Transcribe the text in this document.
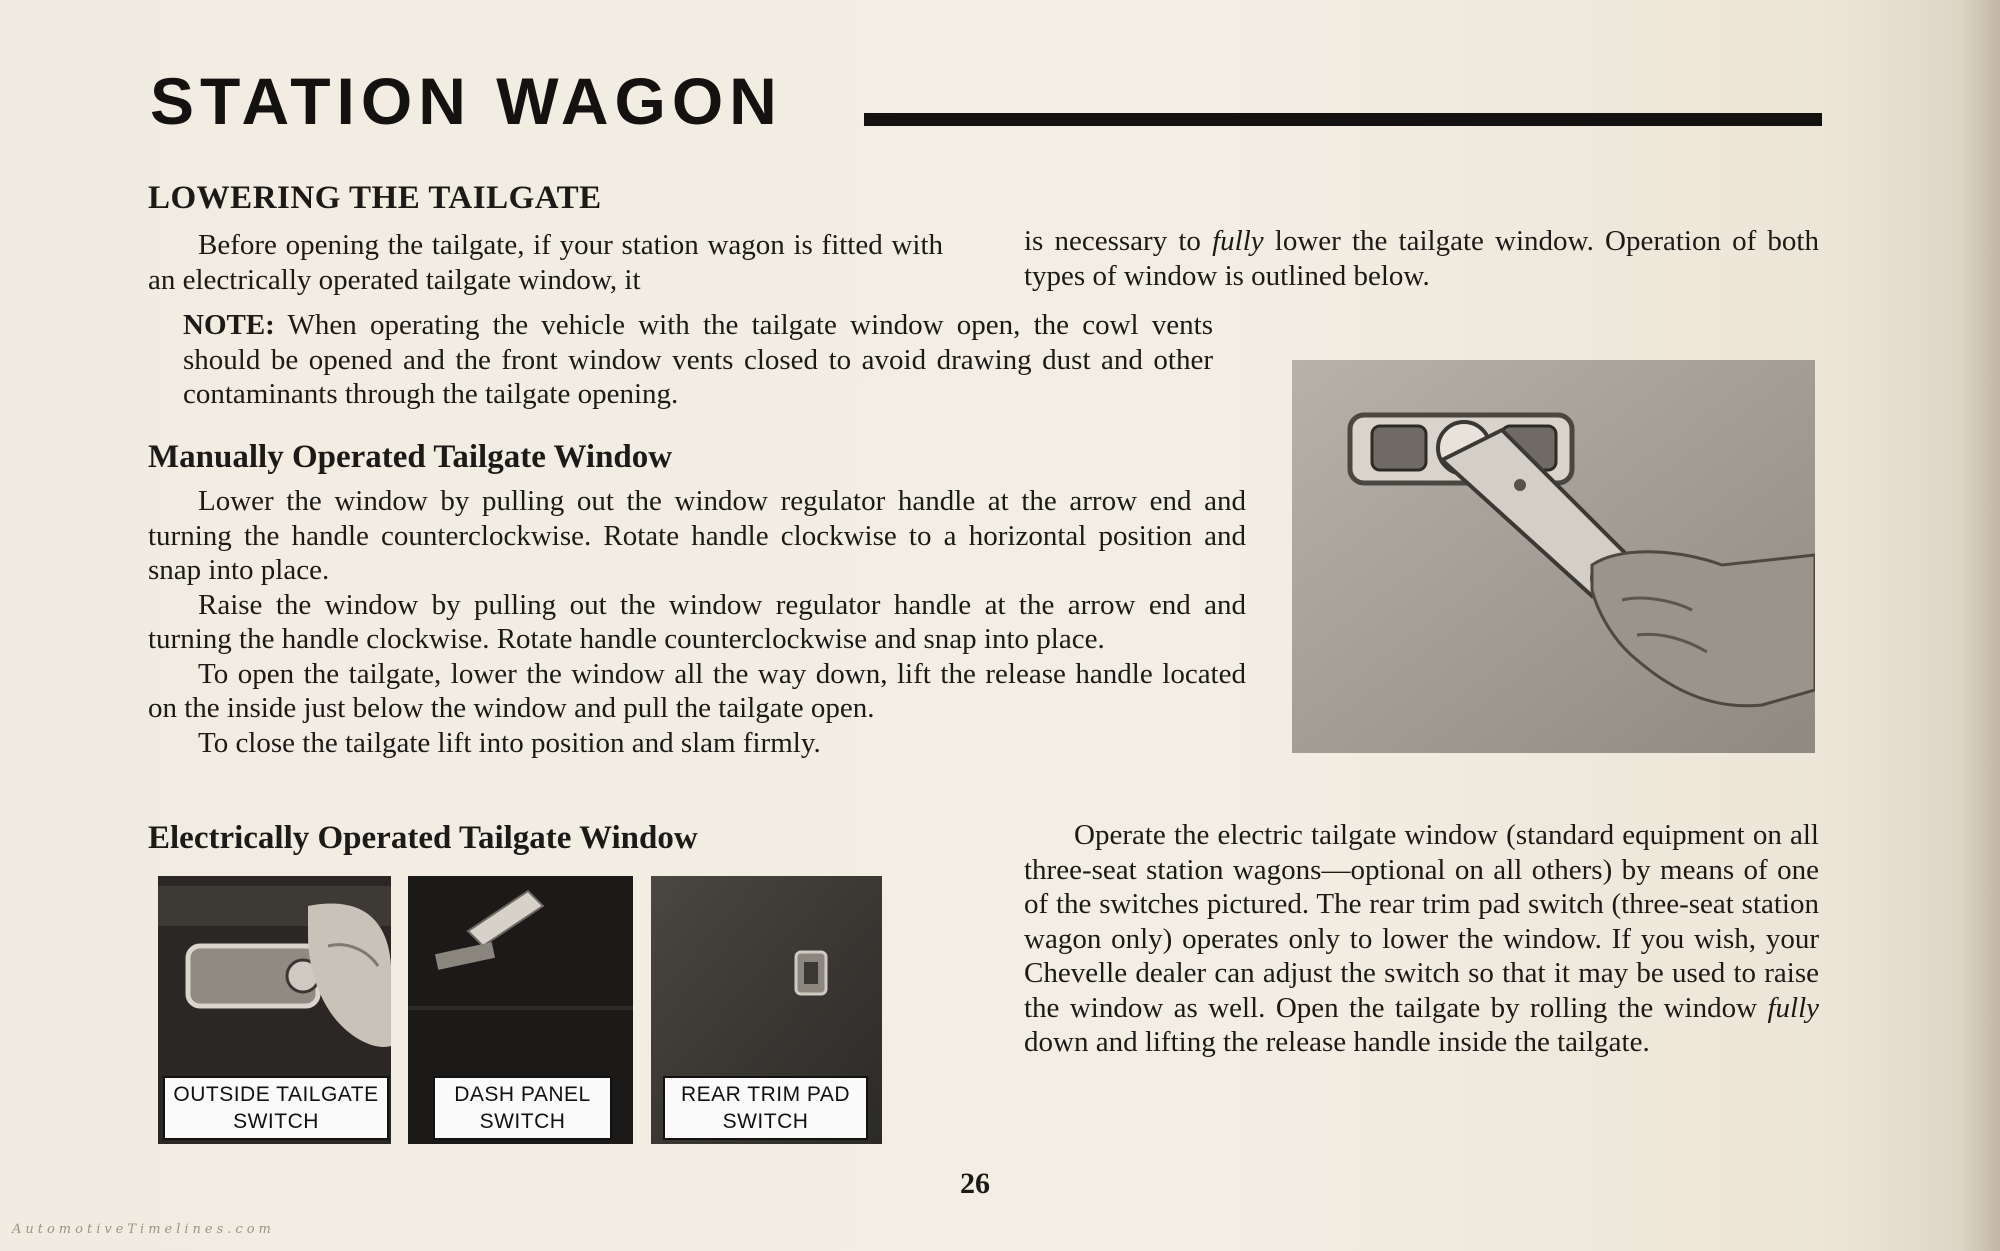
STATION WAGON
LOWERING THE TAILGATE

Before opening the tailgate, if your station wagon is fitted with an electrically operated tailgate window, it

is necessary to fully lower the tailgate window. Operation of both types of window is outlined below.

NOTE: When operating the vehicle with the tailgate window open, the cowl vents should be opened and the front window vents closed to avoid drawing dust and other contaminants through the tailgate opening.

Manually Operated Tailgate Window

Lower the window by pulling out the window regulator handle at the arrow end and turning the handle counterclockwise. Rotate handle clockwise to a horizontal position and snap into place.

Raise the window by pulling out the window regulator handle at the arrow end and turning the handle clockwise. Rotate handle counterclockwise and snap into place.

To open the tailgate, lower the window all the way down, lift the release handle located on the inside just below the window and pull the tailgate open.

To close the tailgate lift into position and slam firmly.

Electrically Operated Tailgate Window	Operate the electric tailgate window (standard equipment on all three-seat station wagons—optional on all others) by means of one of the switches pictured. The rear trim pad switch (three-seat station wagon only) operates only to lower the window. If you wish, your Chevelle dealer can adjust the switch so that it may be used to raise the window as well. Open the tailgate by rolling the window fully down and lifting the release handle inside the tailgate.

OUTSIDE TAILGATE
SWITCH
DASH PANEL
SWITCH
REAR TRIM PAD
SWITCH
26
AutomotiveTimelines.com
